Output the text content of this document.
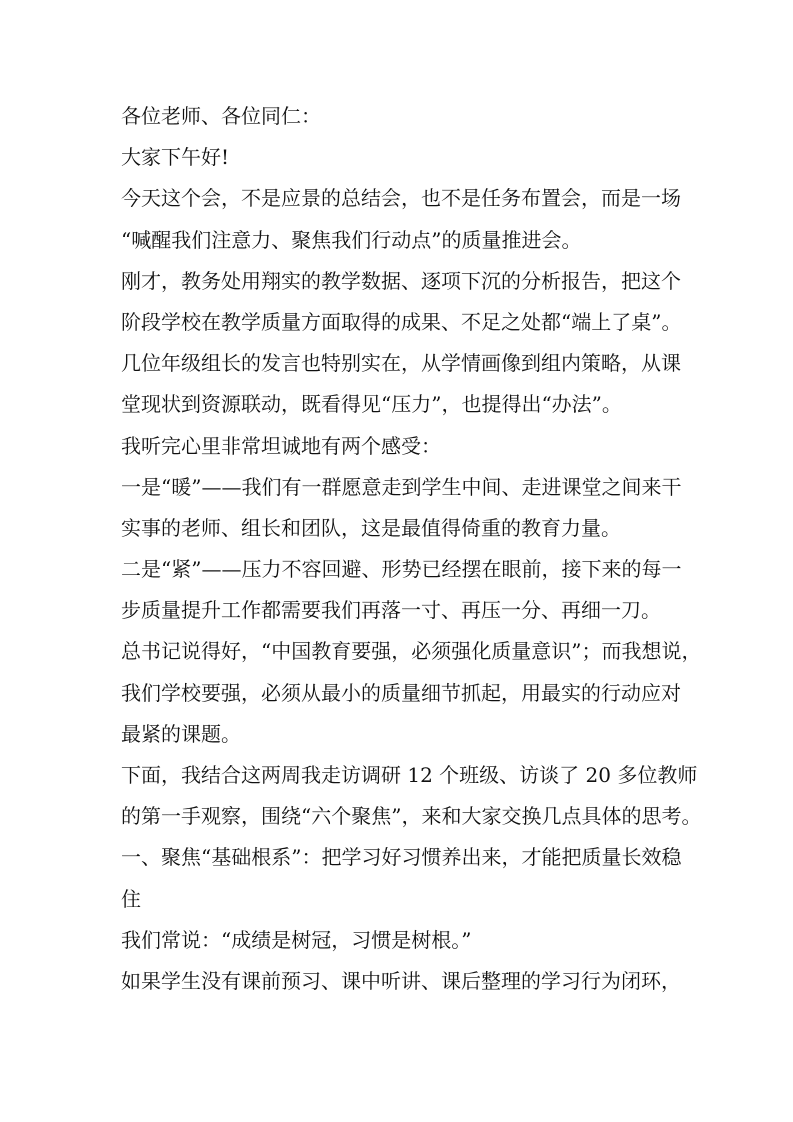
各位老师、各位同仁：
大家下午好!
今天这个会，不是应景的总结会，也不是任务布置会，而是一场
“喊醒我们注意力、聚焦我们行动点”的质量推进会。
刚才，教务处用翔实的教学数据、逐项下沉的分析报告，把这个
阶段学校在教学质量方面取得的成果、不足之处都“端上了桌”。
几位年级组长的发言也特别实在，从学情画像到组内策略，从课
堂现状到资源联动，既看得见“压力”，也提得出“办法”。
我听完心里非常坦诚地有两个感受：
一是“暖”——我们有一群愿意走到学生中间、走进课堂之间来干
实事的老师、组长和团队，这是最值得倚重的教育力量。
二是“紧”——压力不容回避、形势已经摆在眼前，接下来的每一
步质量提升工作都需要我们再落一寸、再压一分、再细一刀。
总书记说得好，“中国教育要强，必须强化质量意识”；而我想说，
我们学校要强，必须从最小的质量细节抓起，用最实的行动应对
最紧的课题。
下面，我结合这两周我走访调研 12 个班级、访谈了 20 多位教师
的第一手观察，围绕“六个聚焦”，来和大家交换几点具体的思考。
一、聚焦“基础根系”：把学习好习惯养出来，才能把质量长效稳
住
我们常说：“成绩是树冠，习惯是树根。”
如果学生没有课前预习、课中听讲、课后整理的学习行为闭环，
